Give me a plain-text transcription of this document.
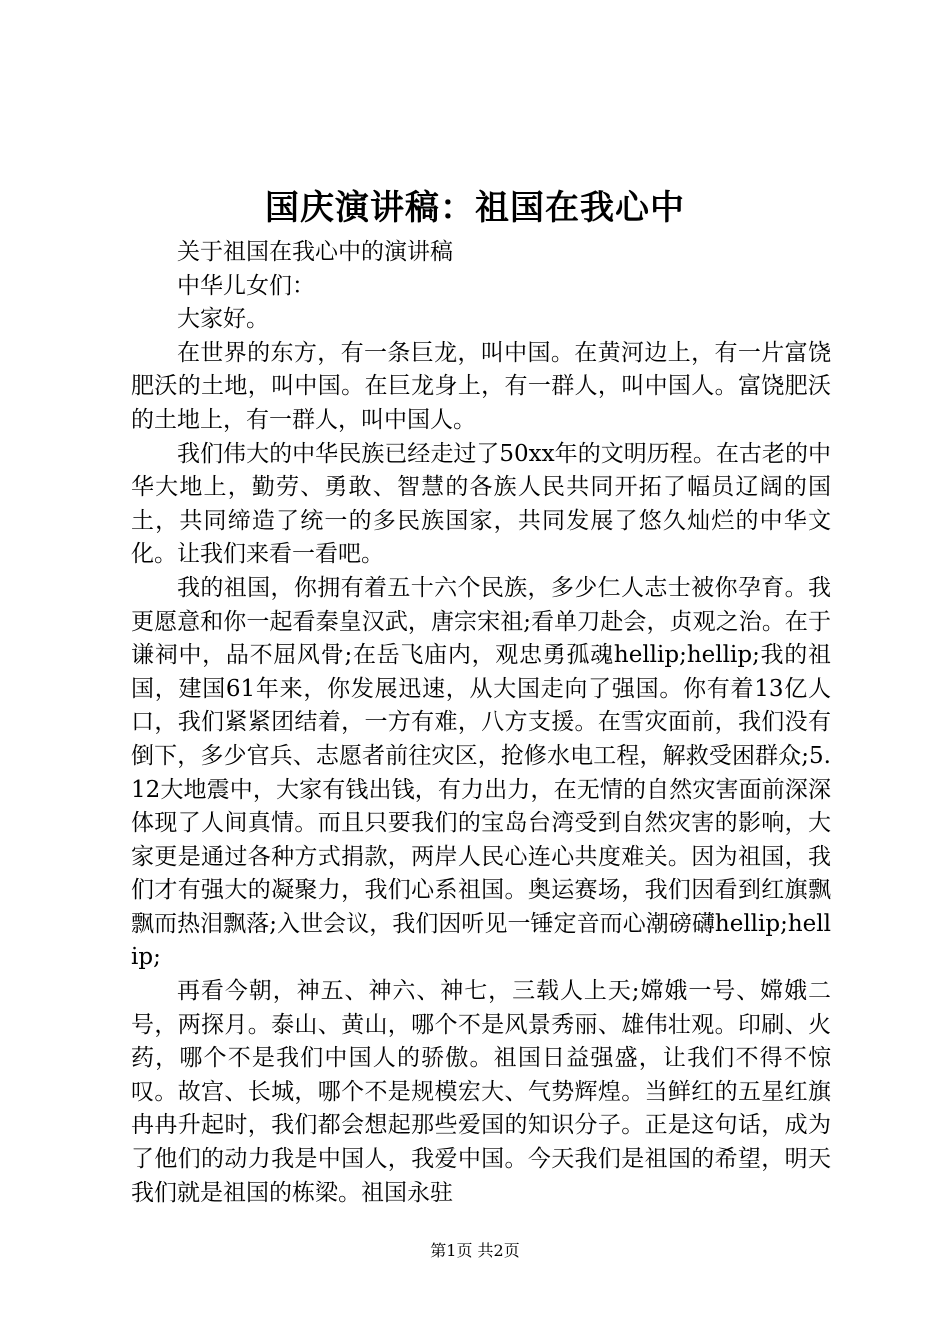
国庆演讲稿：祖国在我心中

关于祖国在我心中的演讲稿

中华儿女们：

大家好。

在世界的东方，有一条巨龙，叫中国。在黄河边上，有一片富饶肥沃的土地，叫中国。在巨龙身上，有一群人，叫中国人。富饶肥沃的土地上，有一群人，叫中国人。

我们伟大的中华民族已经走过了50xx年的文明历程。在古老的中华大地上，勤劳、勇敢、智慧的各族人民共同开拓了幅员辽阔的国土，共同缔造了统一的多民族国家，共同发展了悠久灿烂的中华文化。让我们来看一看吧。

我的祖国，你拥有着五十六个民族，多少仁人志士被你孕育。我更愿意和你一起看秦皇汉武，唐宗宋祖;看单刀赴会，贞观之治。在于谦祠中，品不屈风骨;在岳飞庙内，观忠勇孤魂hellip;hellip;我的祖国，建国61年来，你发展迅速，从大国走向了强国。你有着13亿人口，我们紧紧团结着，一方有难，八方支援。在雪灾面前，我们没有倒下，多少官兵、志愿者前往灾区，抢修水电工程，解救受困群众;5.12大地震中，大家有钱出钱，有力出力，在无情的自然灾害面前深深体现了人间真情。而且只要我们的宝岛台湾受到自然灾害的影响，大家更是通过各种方式捐款，两岸人民心连心共度难关。因为祖国，我们才有强大的凝聚力，我们心系祖国。奥运赛场，我们因看到红旗飘飘而热泪飘落;入世会议，我们因听见一锤定音而心潮磅礴hellip;hellip;

再看今朝，神五、神六、神七，三载人上天;嫦娥一号、嫦娥二号，两探月。泰山、黄山，哪个不是风景秀丽、雄伟壮观。印刷、火药，哪个不是我们中国人的骄傲。祖国日益强盛，让我们不得不惊叹。故宫、长城，哪个不是规模宏大、气势辉煌。当鲜红的五星红旗冉冉升起时，我们都会想起那些爱国的知识分子。正是这句话，成为了他们的动力我是中国人，我爱中国。今天我们是祖国的希望，明天我们就是祖国的栋梁。祖国永驻

第1页 共2页
